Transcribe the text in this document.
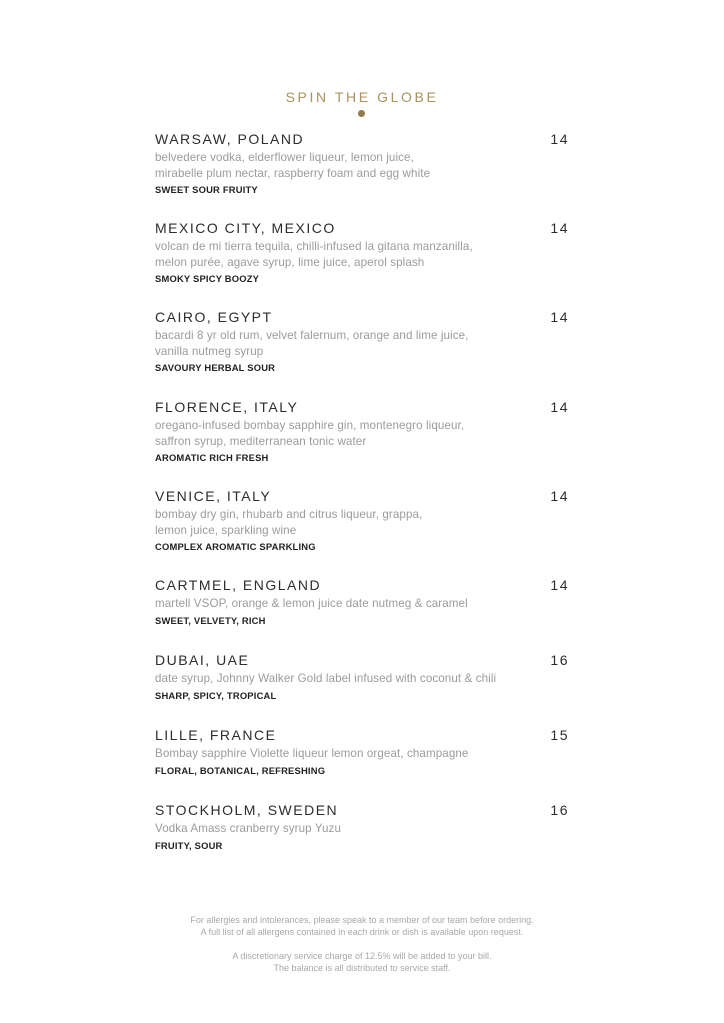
SPIN THE GLOBE
WARSAW, POLAND	14
belvedere vodka, elderflower liqueur, lemon juice,
mirabelle plum nectar, raspberry foam and egg white
SWEET SOUR FRUITY
MEXICO CITY, MEXICO	14
volcan de mi tierra tequila, chilli-infused la gitana manzanilla,
melon purée, agave syrup, lime juice, aperol splash
SMOKY SPICY BOOZY
CAIRO, EGYPT	14
bacardi 8 yr old rum, velvet falernum, orange and lime juice,
vanilla nutmeg syrup
SAVOURY HERBAL SOUR
FLORENCE, ITALY	14
oregano-infused bombay sapphire gin, montenegro liqueur,
saffron syrup, mediterranean tonic water
AROMATIC RICH FRESH
VENICE, ITALY	14
bombay dry gin, rhubarb and citrus liqueur, grappa,
lemon juice, sparkling wine
COMPLEX AROMATIC SPARKLING
CARTMEL, ENGLAND	14
martell VSOP, orange & lemon juice date nutmeg & caramel
SWEET, VELVETY, RICH
DUBAI, UAE	16
date syrup, Johnny Walker Gold label infused with coconut & chili
SHARP, SPICY, TROPICAL
LILLE, FRANCE	15
Bombay sapphire Violette liqueur lemon orgeat, champagne
FLORAL, BOTANICAL, REFRESHING
STOCKHOLM, SWEDEN	16
Vodka Amass cranberry syrup Yuzu
FRUITY, SOUR

For allergies and intolerances, please speak to a member of our team before ordering.

A full list of all allergens contained in each drink or dish is available upon request.

A discretionary service charge of 12.5% will be added to your bill.

The balance is all distributed to service staff.
